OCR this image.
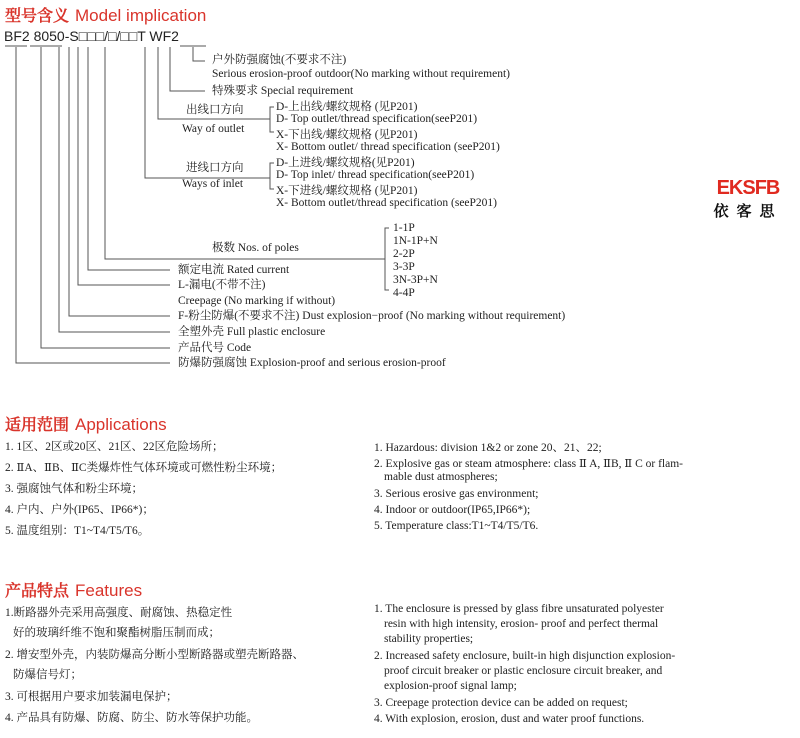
型号含义 Model implication
BF2 8050-S□□□/□/□□T WF2
户外防强腐蚀(不要求不注)
Serious erosion-proof outdoor(No marking without requirement)
特殊要求 Special requirement
出线口方向
Way of outlet
D-上出线/螺纹规格 (见P201)
D- Top outlet/thread specification(seeP201)
X-下出线/螺纹规格 (见P201)
X- Bottom outlet/ thread specification (seeP201)
进线口方向
Ways of inlet
D-上进线/螺纹规格(见P201)
D- Top inlet/ thread specification(seeP201)
X-下进线/螺纹规格 (见P201)
X- Bottom outlet/thread specification (seeP201)
极数 Nos. of poles
1-1P
1N-1P+N
2-2P
3-3P
3N-3P+N
4-4P
额定电流 Rated current
L-漏电(不带不注)
Creepage (No marking if without)
F-粉尘防爆(不要求不注) Dust explosion−proof (No marking without requirement)
全塑外壳 Full plastic enclosure
产品代号 Code
防爆防强腐蚀 Explosion-proof and serious erosion-proof
EKSFB
依客思
适用范围 Applications
1. 1区、2区或20区、21区、22区危险场所；
2. ⅡA、ⅡB、ⅡC类爆炸性气体环境或可燃性粉尘环境；
3. 强腐蚀气体和粉尘环境；
4. 户内、户外(IP65、IP66*)；
5. 温度组别：T1~T4/T5/T6。
1. Hazardous: division 1&2 or zone 20、21、22;
2. Explosive gas or steam atmosphere: class Ⅱ A, ⅡB, Ⅱ C or flam-
mable dust atmospheres;
3. Serious erosive gas environment;
4. Indoor or outdoor(IP65,IP66*);
5. Temperature class:T1~T4/T5/T6.
产品特点 Features
1.断路器外壳采用高强度、耐腐蚀、热稳定性
好的玻璃纤维不饱和聚酯树脂压制而成；
2. 增安型外壳，内装防爆高分断小型断路器或塑壳断路器、
防爆信号灯；
3. 可根据用户要求加装漏电保护；
4. 产品具有防爆、防腐、防尘、防水等保护功能。
1. The enclosure is pressed by glass fibre unsaturated polyester
resin with high intensity, erosion- proof and perfect thermal
stability properties;
2. Increased safety enclosure, built-in high disjunction explosion-
proof circuit breaker or plastic enclosure circuit breaker, and
explosion-proof signal lamp;
3. Creepage protection device can be added on request;
4. With explosion, erosion, dust and water proof functions.
